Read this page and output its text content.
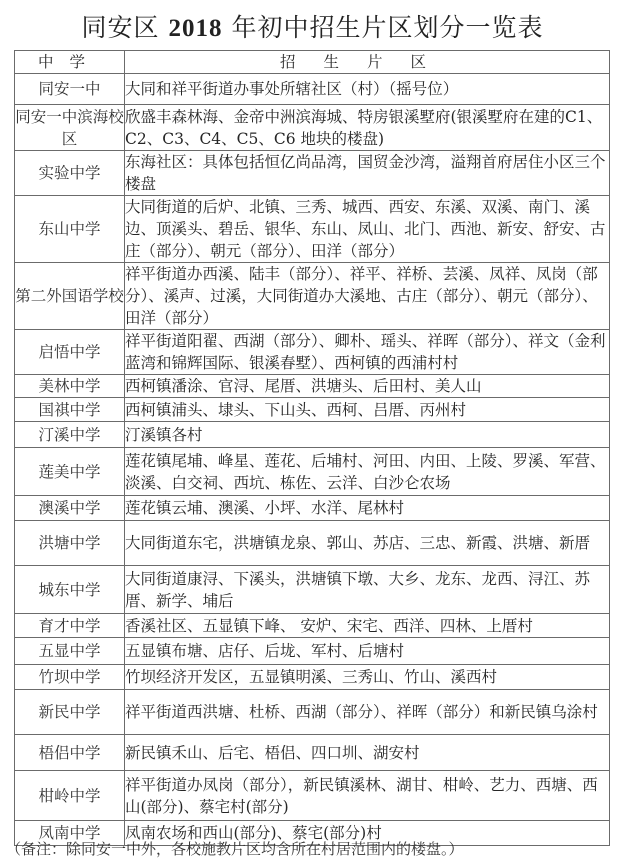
同安区 2018 年初中招生片区划分一览表
中学	招生片区
同安一中	大同和祥平街道办事处所辖社区（村）（摇号位）
同安一中滨海校区	欣盛丰森林海、金帝中洲滨海城、特房银溪墅府(银溪墅府在建的C1、C2、C3、C4、C5、C6 地块的楼盘)
实验中学	东海社区：具体包括恒亿尚品湾，国贸金沙湾，溢翔首府居住小区三个楼盘
东山中学	大同街道的后炉、北镇、三秀、城西、西安、东溪、双溪、南门、溪边、顶溪头、碧岳、银华、东山、凤山、北门、西池、新安、舒安、古庄（部分）、朝元（部分）、田洋（部分）
第二外国语学校	祥平街道办西溪、陆丰（部分）、祥平、祥桥、芸溪、凤祥、凤岗（部分）、溪声、过溪，大同街道办大溪地、古庄（部分）、朝元（部分）、田洋（部分）
启悟中学	祥平街道阳翟、西湖（部分）、卿朴、瑶头、祥晖（部分）、祥文（金利蓝湾和锦辉国际、银溪春墅）、西柯镇的西浦村村
美林中学	西柯镇潘涂、官浔、尾厝、洪塘头、后田村、美人山
国祺中学	西柯镇浦头、埭头、下山头、西柯、吕厝、丙州村
汀溪中学	汀溪镇各村
莲美中学	莲花镇尾埔、峰星、莲花、后埔村、河田、内田、上陵、罗溪、军营、淡溪、白交祠、西坑、栋佐、云洋、白沙仑农场
澳溪中学	莲花镇云埔、澳溪、小坪、水洋、尾林村
洪塘中学	大同街道东宅，洪塘镇龙泉、郭山、苏店、三忠、新霞、洪塘、新厝
城东中学	大同街道康浔、下溪头，洪塘镇下墩、大乡、龙东、龙西、浔江、苏厝、新学、埔后
育才中学	香溪社区、五显镇下峰、 安炉、宋宅、西洋、四林、上厝村
五显中学	五显镇布塘、店仔、后垅、军村、后塘村
竹坝中学	竹坝经济开发区，五显镇明溪、三秀山、竹山、溪西村
新民中学	祥平街道西洪塘、杜桥、西湖（部分）、祥晖（部分）和新民镇乌涂村
梧侣中学	新民镇禾山、后宅、梧侣、四口圳、湖安村
柑岭中学	祥平街道办凤岗（部分），新民镇溪林、湖甘、柑岭、艺力、西塘、西山(部分)、蔡宅村(部分)
凤南中学	凤南农场和西山(部分)、蔡宅(部分)村
（备注：除同安一中外，各校施教片区均含所在村居范围内的楼盘。）
